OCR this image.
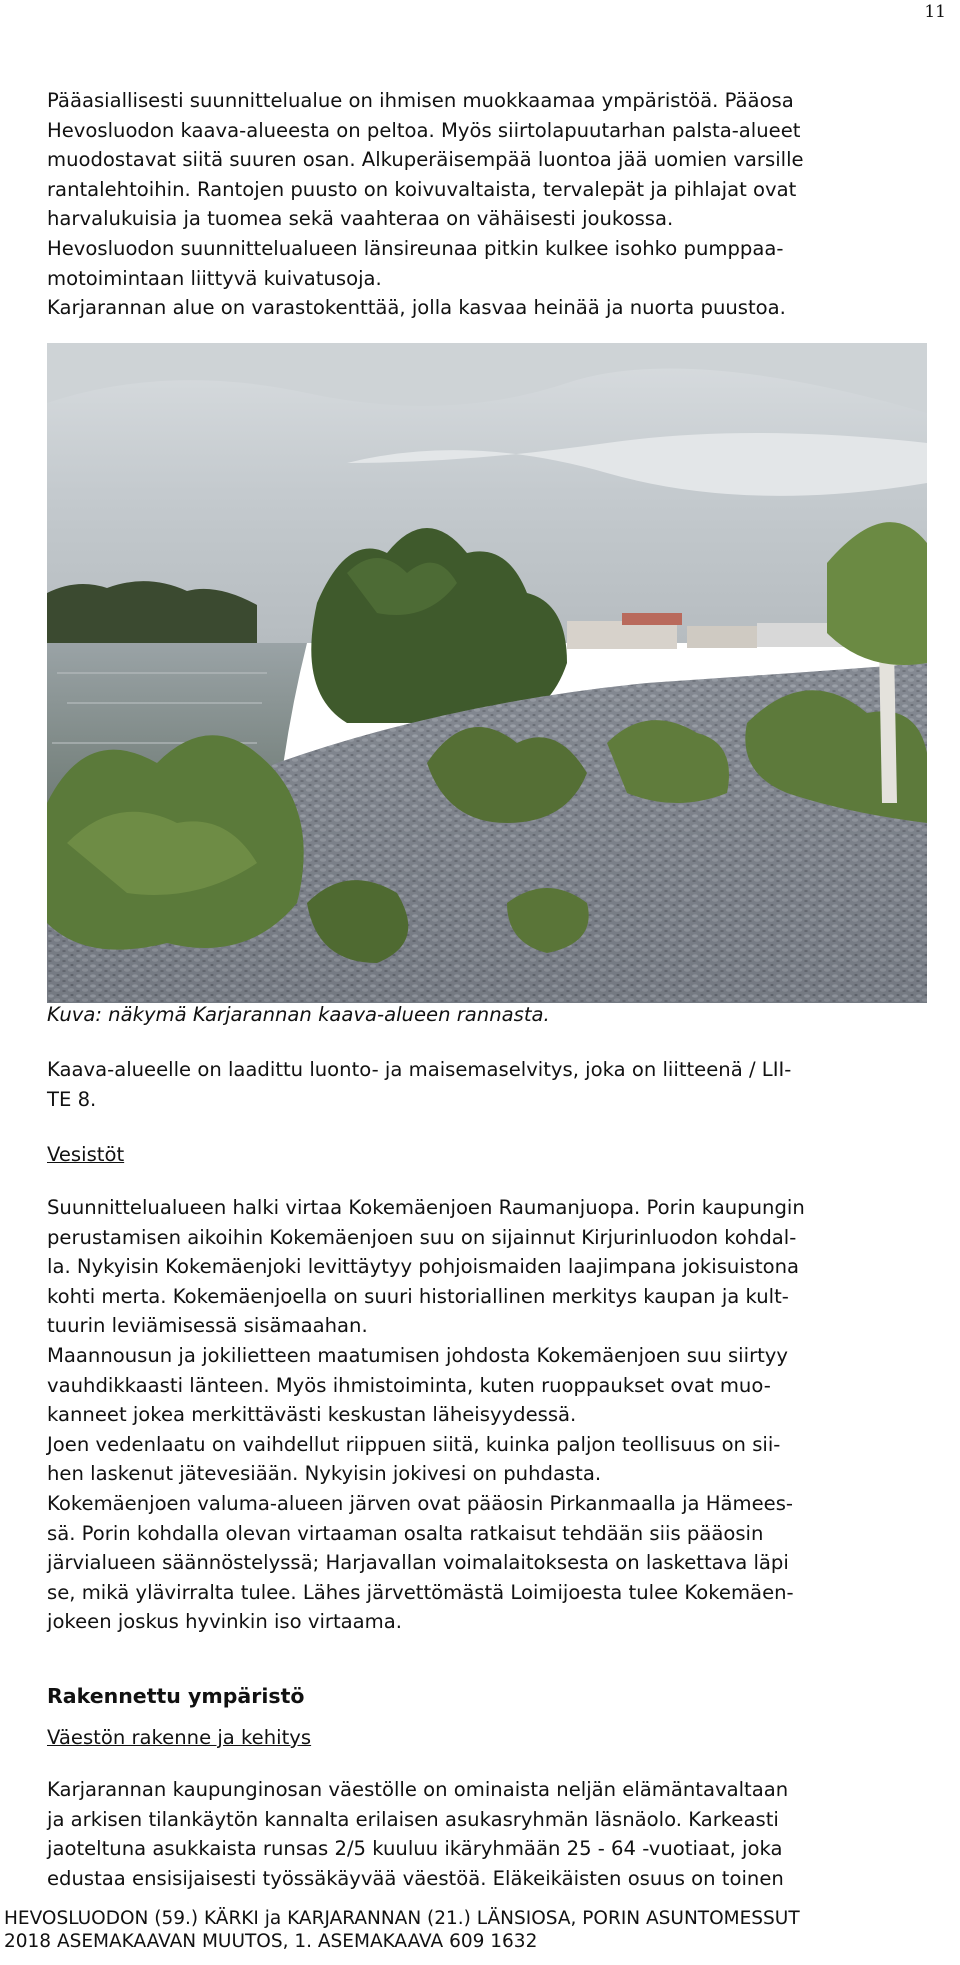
11

Pääasiallisesti suunnittelualue on ihmisen muokkaamaa ympäristöä. Pääosa

Hevosluodon kaava-alueesta on peltoa. Myös siirtolapuutarhan palsta-alueet

muodostavat siitä suuren osan. Alkuperäisempää luontoa jää uomien varsille

rantalehtoihin. Rantojen puusto on koivuvaltaista, tervalepät ja pihlajat ovat

harvalukuisia ja tuomea sekä vaahteraa on vähäisesti joukossa.

Hevosluodon suunnittelualueen länsireunaa pitkin kulkee isohko pumppaa-

motoimintaan liittyvä kuivatusoja.

Karjarannan alue on varastokenttää, jolla kasvaa heinää ja nuorta puustoa.

Kuva: näkymä Karjarannan kaava-alueen rannasta.

Kaava-alueelle on laadittu luonto- ja maisemaselvitys, joka on liitteenä / LII-

TE 8.

Vesistöt

Suunnittelualueen halki virtaa Kokemäenjoen Raumanjuopa. Porin kaupungin

perustamisen aikoihin Kokemäenjoen suu on sijainnut Kirjurinluodon kohdal-

la. Nykyisin Kokemäenjoki levittäytyy pohjoismaiden laajimpana jokisuistona

kohti merta. Kokemäenjoella on suuri historiallinen merkitys kaupan ja kult-

tuurin leviämisessä sisämaahan.

Maannousun ja jokilietteen maatumisen johdosta Kokemäenjoen suu siirtyy

vauhdikkaasti länteen. Myös ihmistoiminta, kuten ruoppaukset ovat muo-

kanneet jokea merkittävästi keskustan läheisyydessä.

Joen vedenlaatu on vaihdellut riippuen siitä, kuinka paljon teollisuus on sii-

hen laskenut jätevesiään. Nykyisin jokivesi on puhdasta.

Kokemäenjoen valuma-alueen järven ovat pääosin Pirkanmaalla ja Hämees-

sä. Porin kohdalla olevan virtaaman osalta ratkaisut tehdään siis pääosin

järvialueen säännöstelyssä; Harjavallan voimalaitoksesta on laskettava läpi

se, mikä ylävirralta tulee. Lähes järvettömästä Loimijoesta tulee Kokemäen-

jokeen joskus hyvinkin iso virtaama.

Rakennettu ympäristö

Väestön rakenne ja kehitys

Karjarannan kaupunginosan väestölle on ominaista neljän elämäntavaltaan

ja arkisen tilankäytön kannalta erilaisen asukasryhmän läsnäolo. Karkeasti

jaoteltuna asukkaista runsas 2/5 kuuluu ikäryhmään 25 - 64 -vuotiaat, joka

edustaa ensisijaisesti työssäkäyvää väestöä. Eläkeikäisten osuus on toinen

HEVOSLUODON (59.) KÄRKI ja KARJARANNAN (21.) LÄNSIOSA, PORIN ASUNTOMESSUT
2018 ASEMAKAAVAN MUUTOS, 1. ASEMAKAAVA 609 1632
